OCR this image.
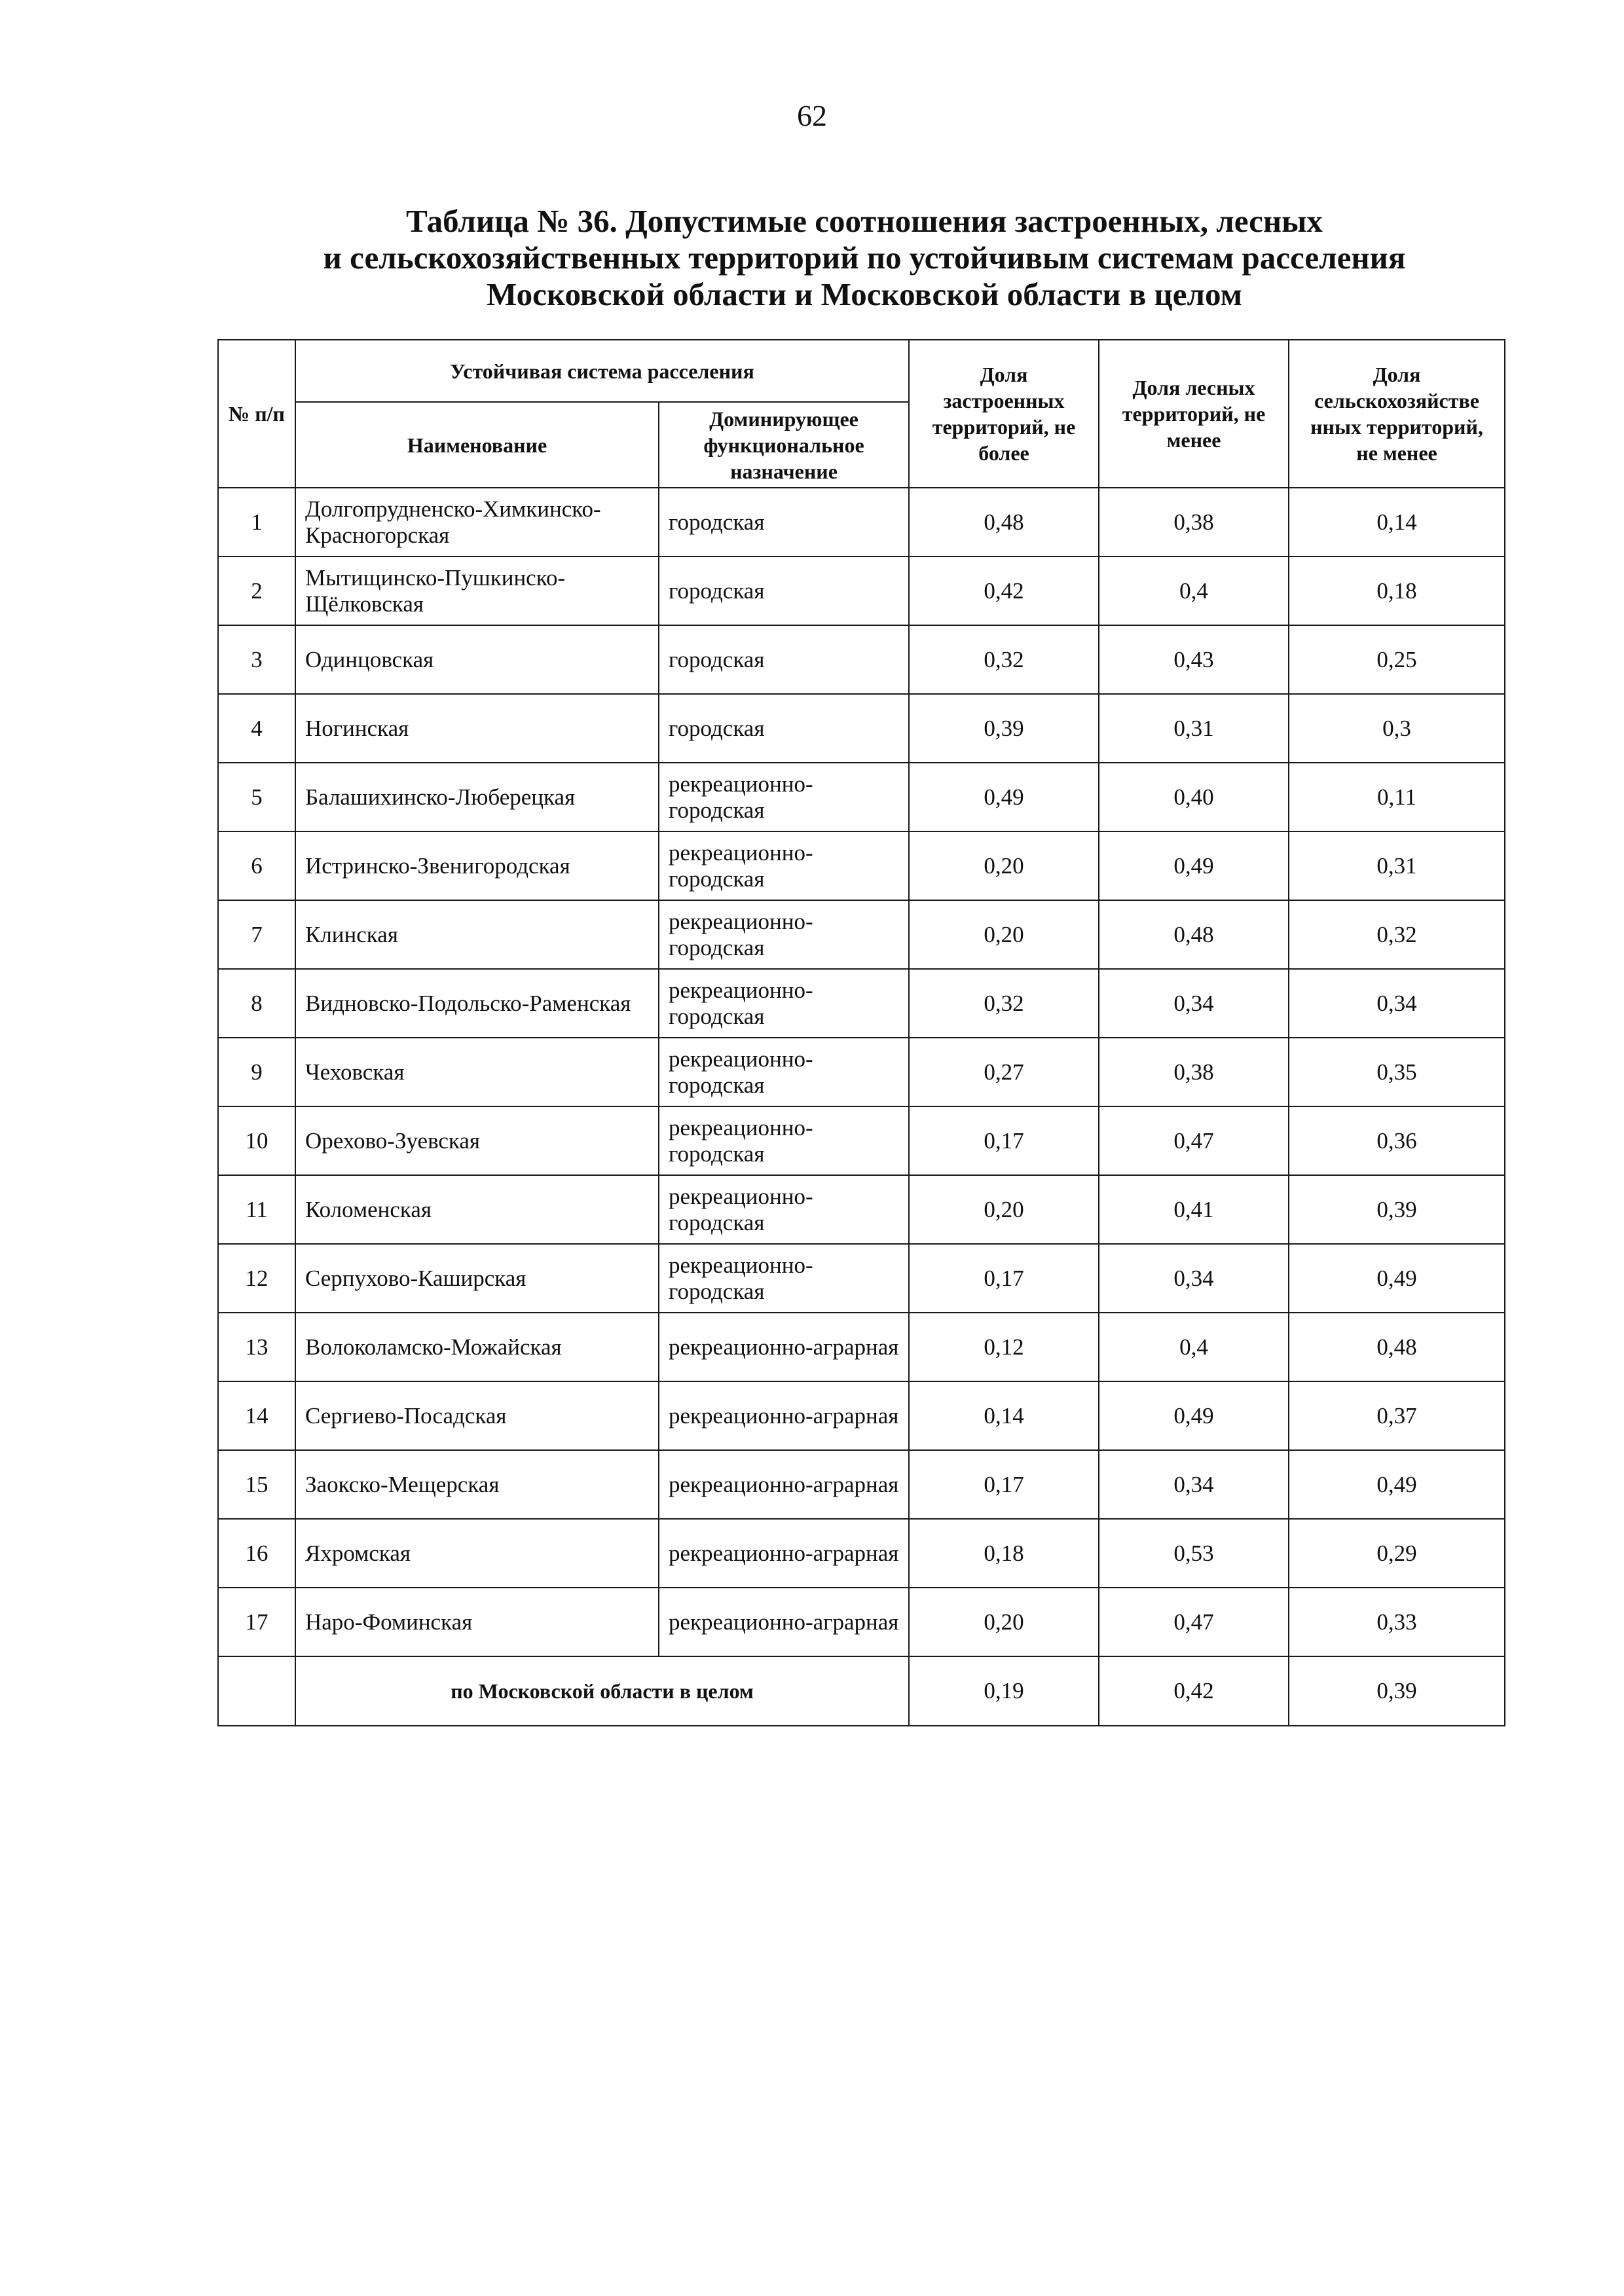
62
Таблица № 36. Допустимые соотношения застроенных, лесных
и сельскохозяйственных территорий по устойчивым системам расселения
Московской области и Московской области в целом
№ п/п	Устойчивая система расселения		Доля застроенных территорий, не более	Доля лесных территорий, не менее	Доля сельскохозяйстве нных территорий, не менее
	Наименование	Доминирующее функциональное назначение			
1	Долгопрудненско-Химкинско-Красногорская	городская	0,48	0,38	0,14
2	Мытищинско-Пушкинско-Щёлковская	городская	0,42	0,4	0,18
3	Одинцовская	городская	0,32	0,43	0,25
4	Ногинская	городская	0,39	0,31	0,3
5	Балашихинско-Люберецкая	рекреационно-городская	0,49	0,40	0,11
6	Истринско-Звенигородская	рекреационно-городская	0,20	0,49	0,31
7	Клинская	рекреационно-городская	0,20	0,48	0,32
8	Видновско-Подольско-Раменская	рекреационно-городская	0,32	0,34	0,34
9	Чеховская	рекреационно-городская	0,27	0,38	0,35
10	Орехово-Зуевская	рекреационно-городская	0,17	0,47	0,36
11	Коломенская	рекреационно-городская	0,20	0,41	0,39
12	Серпухово-Каширская	рекреационно-городская	0,17	0,34	0,49
13	Волоколамско-Можайская	рекреационно-аграрная	0,12	0,4	0,48
14	Сергиево-Посадская	рекреационно-аграрная	0,14	0,49	0,37
15	Заокско-Мещерская	рекреационно-аграрная	0,17	0,34	0,49
16	Яхромская	рекреационно-аграрная	0,18	0,53	0,29
17	Наро-Фоминская	рекреационно-аграрная	0,20	0,47	0,33
	по Московской области в целом		0,19	0,42	0,39
